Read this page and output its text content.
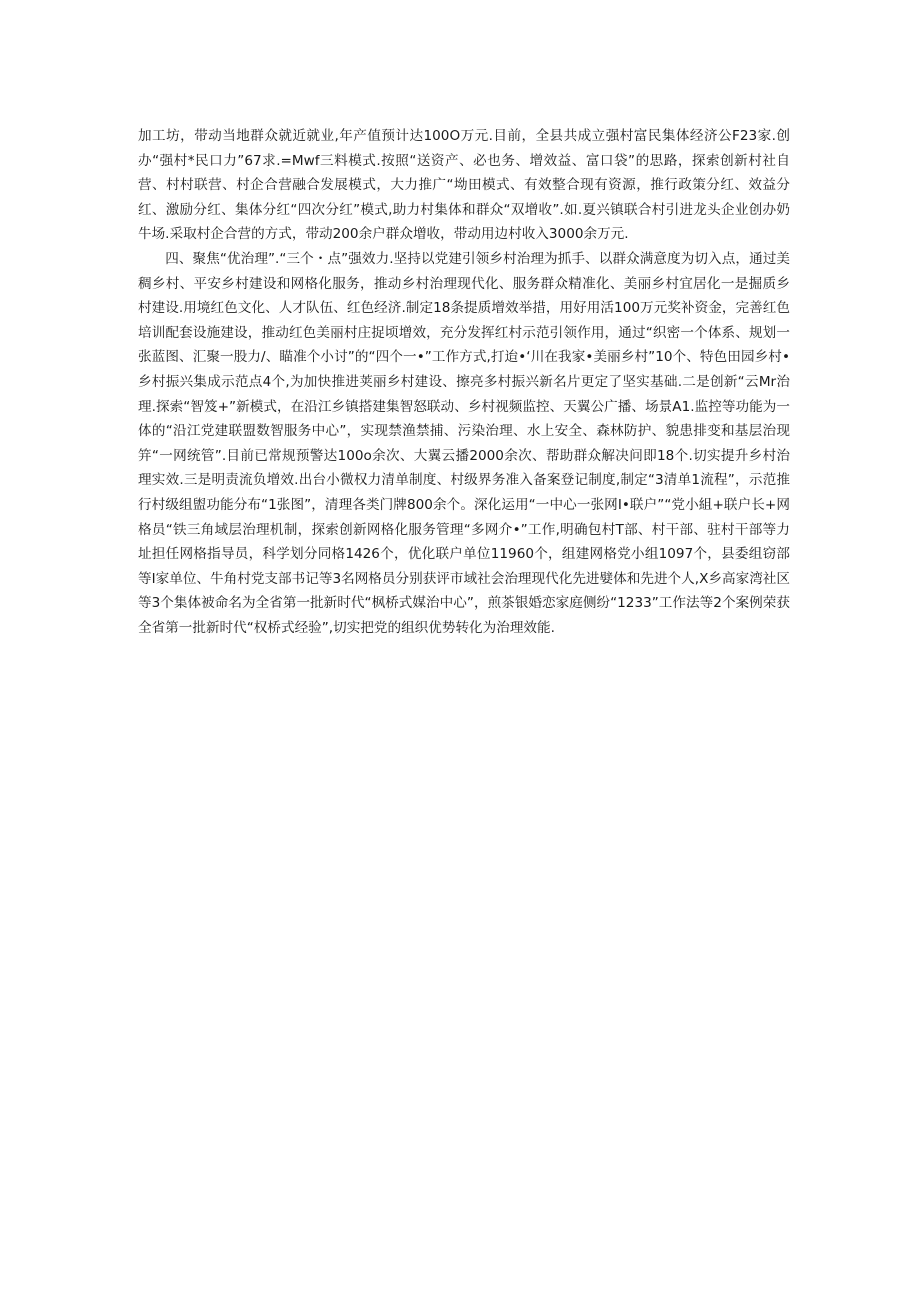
加工坊，带动当地群众就近就业,年产值预计达100O万元.目前，全县共成立强村富民集体经济公F23家.创办“强村*民口力”67求.=Mwf三料模式.按照“送资产、必也务、增效益、富口袋”的思路，探索创新村社自营、村村联营、村企合营融合发展模式，大力推广“坳田模式、有效整合现有资源，推行政策分红、效益分红、激励分红、集体分红“四次分红”模式,助力村集体和群众“双增收”.如.夏兴镇联合村引进龙头企业创办奶牛场.采取村企合营的方式，带动200余户群众增收，带动用边村收入3000余万元.

四、聚焦“优治理”.“三个・点”强效力.坚持以党建引领乡村治理为抓手、以群众满意度为切入点，通过美稠乡村、平安乡村建设和网格化服务，推动乡村治理现代化、服务群众精准化、美丽乡村宜居化一是掘质乡村建设.用境红色文化、人才队伍、红色经济.制定18条提质增效举措，用好用活100万元奖补资金，完善红色培训配套设施建设，推动红色美丽村庄捉顷增效，充分发挥红村示范引领作用，通过“织密一个体系、规划一张蓝图、汇聚一股力/、瞄准个小讨”的“四个一•”工作方式,打迨•‘川在我家•美丽乡村”10个、特色田园乡村•乡村振兴集成示范点4个,为加快推进荚丽乡村建设、擦亮多村振兴新名片更定了坚实基础.二是创新“云Mr治理.探索“智笈+”新模式，在沿江乡镇搭建集智怒联动、乡村视频监控、天翼公广播、场景A1.监控等功能为一体的“沿江党建联盟数智服务中心”，实现禁渔禁捕、污染治理、水上安全、森林防护、貌患排变和基层治现笄“一网统管”.目前已常规预警达100o余次、大翼云播2000余次、帮助群众解决问即18个.切实提升乡村治理实效.三是明责流负增效.出台小微权力清单制度、村级界务准入备案登记制度,制定“3清单1流程”，示范推行村级组盥功能分布“1张图”，清理各类门牌800余个。深化运用“一中心一张网I•联户”“党小組+联户长+网格员“铁三角域层治理机制，探索创新网格化服务管理“多网介•”工作,明确包村T部、村干部、驻村干部等力址担任网格指导员，科学划分同格1426个，优化联户单位11960个，组建网格党小组1097个，县委组窃部等I家单位、牛角村党支部书记等3名网格员分别获评市域社会治理现代化先进嬖体和先进个人,X乡高家湾社区等3个集体被命名为全省第一批新时代“枫桥式媒治中心”，煎茶银婚恋家庭侧纷“1233”工作法等2个案例荣获全省第一批新时代“权桥式经验”,切实把党的组织优势转化为治理效能.
